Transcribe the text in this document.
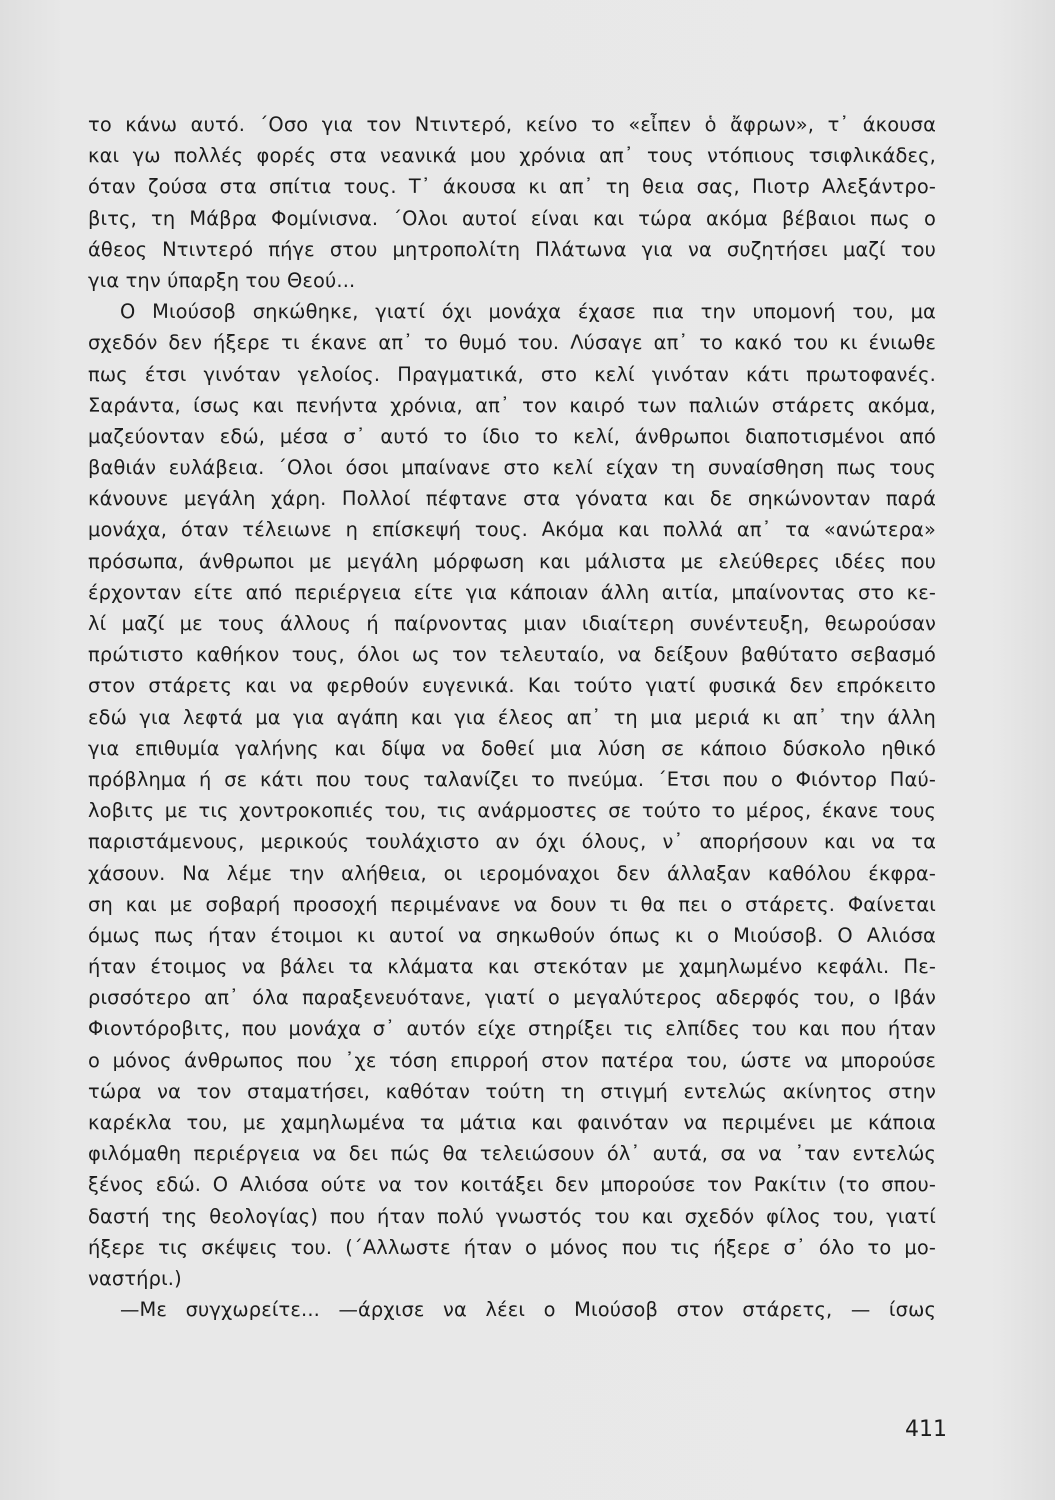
το κάνω αυτό. ΄Οσο για τον Ντιντερό, κείνο το «εἶπεν ὁ ἄφρων», τ᾽ άκουσα
και γω πολλές φορές στα νεανικά μου χρόνια απ᾽ τους ντόπιους τσιφλικάδες,
όταν ζούσα στα σπίτια τους. Τ᾽ άκουσα κι απ᾽ τη θεια σας, Πιοτρ Αλεξάντρο-
βιτς, τη Μάβρα Φομίνισνα. ΄Ολοι αυτοί είναι και τώρα ακόμα βέβαιοι πως ο
άθεος Ντιντερό πήγε στου μητροπολίτη Πλάτωνα για να συζητήσει μαζί του
για την ύπαρξη του Θεού...
Ο Μιούσοβ σηκώθηκε, γιατί όχι μονάχα έχασε πια την υπομονή του, μα
σχεδόν δεν ήξερε τι έκανε απ᾽ το θυμό του. Λύσαγε απ᾽ το κακό του κι ένιωθε
πως έτσι γινόταν γελοίος. Πραγματικά, στο κελί γινόταν κάτι πρωτοφανές.
Σαράντα, ίσως και πενήντα χρόνια, απ᾽ τον καιρό των παλιών στάρετς ακόμα,
μαζεύονταν εδώ, μέσα σ᾽ αυτό το ίδιο το κελί, άνθρωποι διαποτισμένοι από
βαθιάν ευλάβεια. ΄Ολοι όσοι μπαίνανε στο κελί είχαν τη συναίσθηση πως τους
κάνουνε μεγάλη χάρη. Πολλοί πέφτανε στα γόνατα και δε σηκώνονταν παρά
μονάχα, όταν τέλειωνε η επίσκεψή τους. Ακόμα και πολλά απ᾽ τα «ανώτερα»
πρόσωπα, άνθρωποι με μεγάλη μόρφωση και μάλιστα με ελεύθερες ιδέες που
έρχονταν είτε από περιέργεια είτε για κάποιαν άλλη αιτία, μπαίνοντας στο κε-
λί μαζί με τους άλλους ή παίρνοντας μιαν ιδιαίτερη συνέντευξη, θεωρούσαν
πρώτιστο καθήκον τους, όλοι ως τον τελευταίο, να δείξουν βαθύτατο σεβασμό
στον στάρετς και να φερθούν ευγενικά. Και τούτο γιατί φυσικά δεν επρόκειτο
εδώ για λεφτά μα για αγάπη και για έλεος απ᾽ τη μια μεριά κι απ᾽ την άλλη
για επιθυμία γαλήνης και δίψα να δοθεί μια λύση σε κάποιο δύσκολο ηθικό
πρόβλημα ή σε κάτι που τους ταλανίζει το πνεύμα. ΄Ετσι που ο Φιόντορ Παύ-
λοβιτς με τις χοντροκοπιές του, τις ανάρμοστες σε τούτο το μέρος, έκανε τους
παριστάμενους, μερικούς τουλάχιστο αν όχι όλους, ν᾽ απορήσουν και να τα
χάσουν. Να λέμε την αλήθεια, οι ιερομόναχοι δεν άλλαξαν καθόλου έκφρα-
ση και με σοβαρή προσοχή περιμένανε να δουν τι θα πει ο στάρετς. Φαίνεται
όμως πως ήταν έτοιμοι κι αυτοί να σηκωθούν όπως κι ο Μιούσοβ. Ο Αλιόσα
ήταν έτοιμος να βάλει τα κλάματα και στεκόταν με χαμηλωμένο κεφάλι. Πε-
ρισσότερο απ᾽ όλα παραξενευότανε, γιατί ο μεγαλύτερος αδερφός του, ο Ιβάν
Φιοντόροβιτς, που μονάχα σ᾽ αυτόν είχε στηρίξει τις ελπίδες του και που ήταν
ο μόνος άνθρωπος που ᾽χε τόση επιρροή στον πατέρα του, ώστε να μπορούσε
τώρα να τον σταματήσει, καθόταν τούτη τη στιγμή εντελώς ακίνητος στην
καρέκλα του, με χαμηλωμένα τα μάτια και φαινόταν να περιμένει με κάποια
φιλόμαθη περιέργεια να δει πώς θα τελειώσουν όλ᾽ αυτά, σα να ᾽ταν εντελώς
ξένος εδώ. Ο Αλιόσα ούτε να τον κοιτάξει δεν μπορούσε τον Ρακίτιν (το σπου-
δαστή της θεολογίας) που ήταν πολύ γνωστός του και σχεδόν φίλος του, γιατί
ήξερε τις σκέψεις του. (΄Αλλωστε ήταν ο μόνος που τις ήξερε σ᾽ όλο το μο-
ναστήρι.)
—Με συγχωρείτε... —άρχισε να λέει ο Μιούσοβ στον στάρετς, — ίσως
411
